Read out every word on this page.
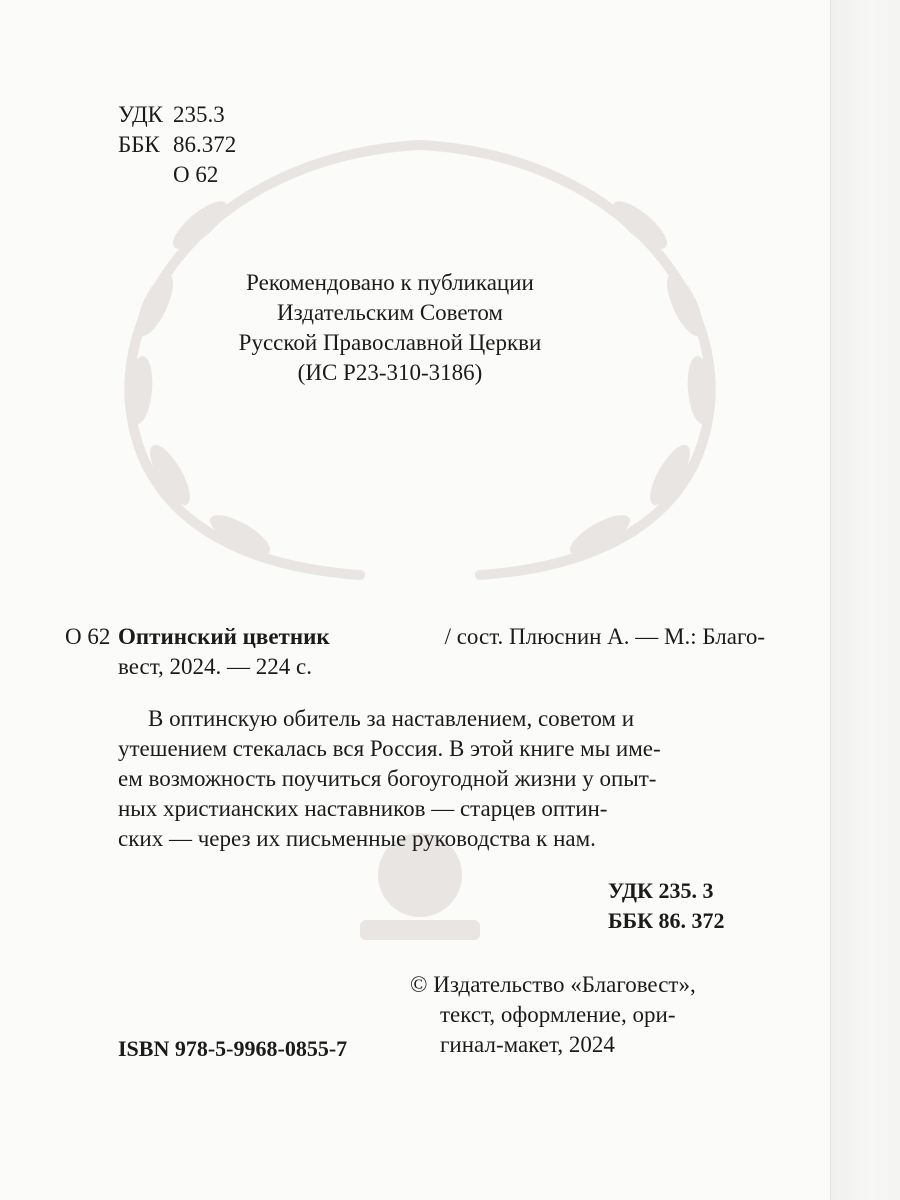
УДК 235.3
ББК 86.372
О 62
Рекомендовано к публикации
Издательским Советом
Русской Православной Церкви
(ИС Р23-310-3186)
О 62 Оптинский цветник	/ сост. Плюснин А. — М.: Благо-
вест, 2024. — 224 с.
В оптинскую обитель за наставлением, советом и
утешением стекалась вся Россия. В этой книге мы име-
ем возможность поучиться богоугодной жизни у опыт-
ных христианских наставников — старцев оптин-
ских — через их письменные руководства к нам.
УДК 235. 3
ББК 86. 372
© Издательство «Благовест»,
текст, оформление, ори-
гинал-макет, 2024
ISBN 978-5-9968-0855-7
